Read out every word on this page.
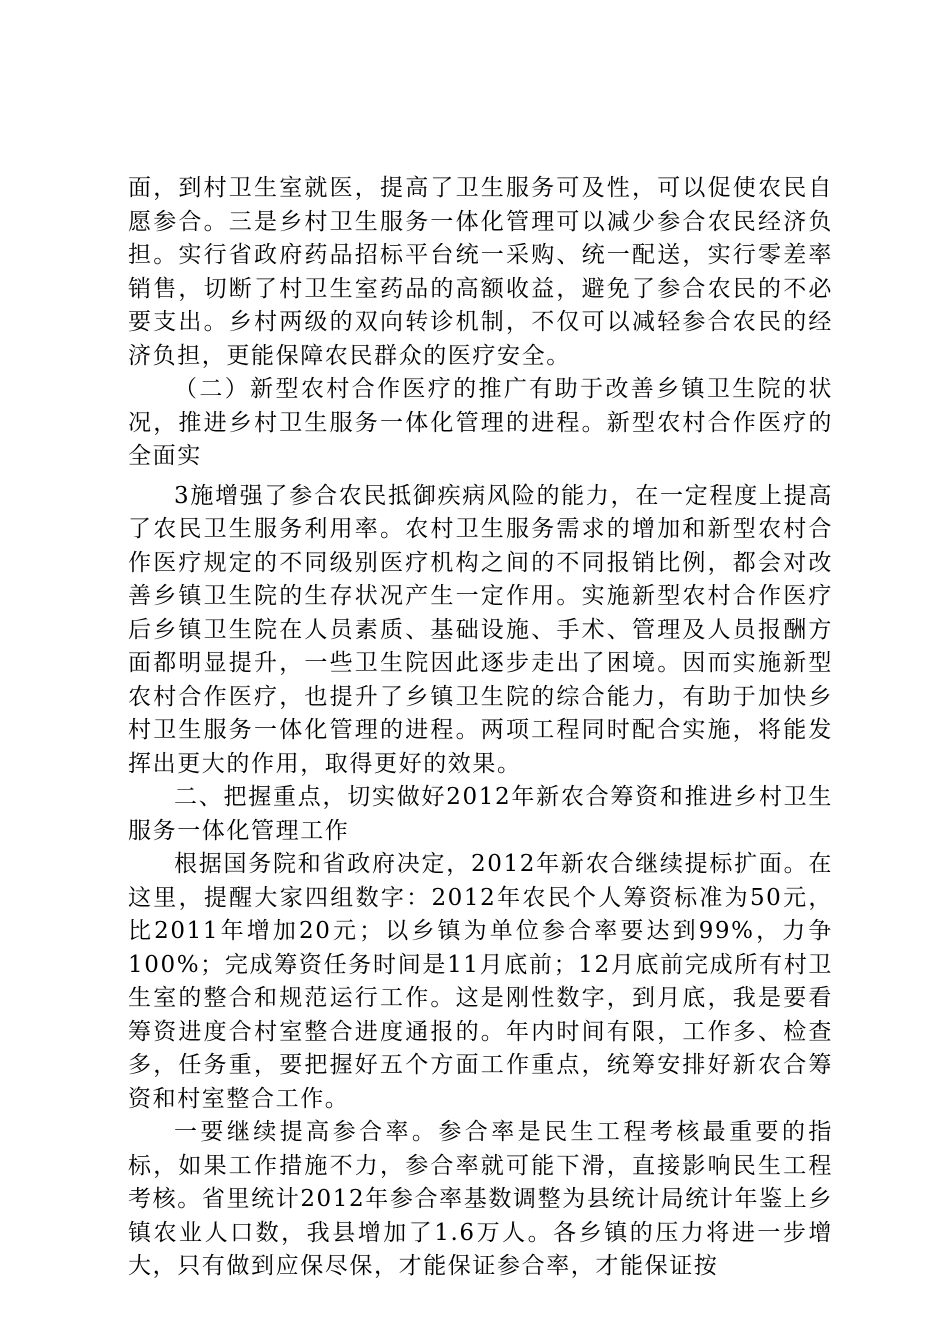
面，到村卫生室就医，提高了卫生服务可及性，可以促使农民自愿参合。三是乡村卫生服务一体化管理可以减少参合农民经济负担。实行省政府药品招标平台统一采购、统一配送，实行零差率销售，切断了村卫生室药品的高额收益，避免了参合农民的不必要支出。乡村两级的双向转诊机制，不仅可以减轻参合农民的经济负担，更能保障农民群众的医疗安全。

（二）新型农村合作医疗的推广有助于改善乡镇卫生院的状况，推进乡村卫生服务一体化管理的进程。新型农村合作医疗的全面实

3施增强了参合农民抵御疾病风险的能力，在一定程度上提高了农民卫生服务利用率。农村卫生服务需求的增加和新型农村合作医疗规定的不同级别医疗机构之间的不同报销比例，都会对改善乡镇卫生院的生存状况产生一定作用。实施新型农村合作医疗后乡镇卫生院在人员素质、基础设施、手术、管理及人员报酬方面都明显提升，一些卫生院因此逐步走出了困境。因而实施新型农村合作医疗，也提升了乡镇卫生院的综合能力，有助于加快乡村卫生服务一体化管理的进程。两项工程同时配合实施，将能发挥出更大的作用，取得更好的效果。

二、把握重点，切实做好2012年新农合筹资和推进乡村卫生服务一体化管理工作

根据国务院和省政府决定，2012年新农合继续提标扩面。在这里，提醒大家四组数字：2012年农民个人筹资标准为50元，比2011年增加20元；以乡镇为单位参合率要达到99%，力争100%；完成筹资任务时间是11月底前；12月底前完成所有村卫生室的整合和规范运行工作。这是刚性数字，到月底，我是要看筹资进度合村室整合进度通报的。年内时间有限，工作多、检查多，任务重，要把握好五个方面工作重点，统筹安排好新农合筹资和村室整合工作。

一要继续提高参合率。参合率是民生工程考核最重要的指标，如果工作措施不力，参合率就可能下滑，直接影响民生工程考核。省里统计2012年参合率基数调整为县统计局统计年鉴上乡镇农业人口数，我县增加了1.6万人。各乡镇的压力将进一步增大，只有做到应保尽保，才能保证参合率，才能保证按
